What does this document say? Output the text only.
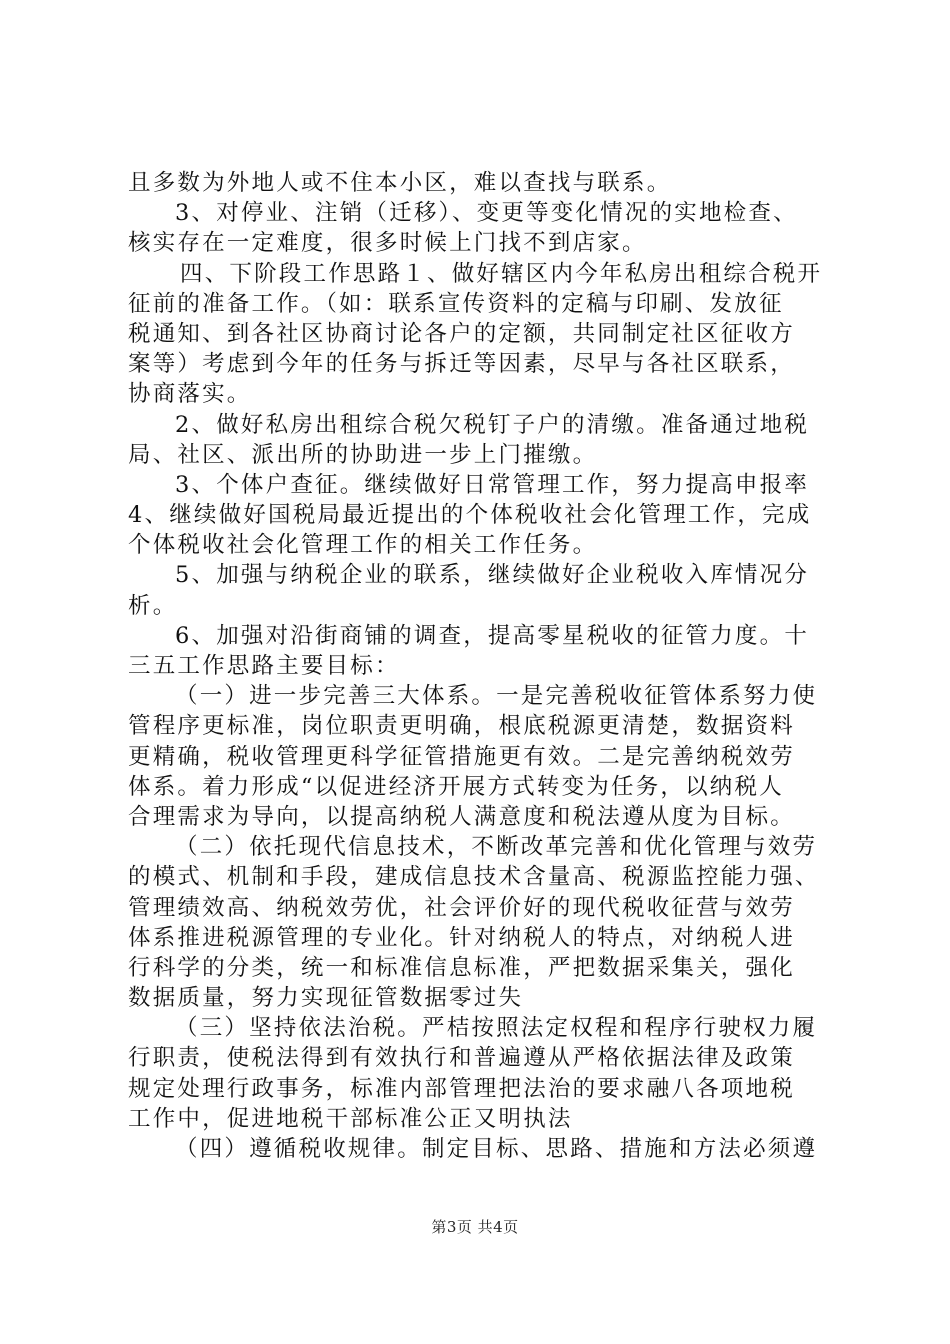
且多数为外地人或不住本小区，难以查找与联系。
3、对停业、注销（迁移）、变更等变化情况的实地检查、
核实存在一定难度，很多时候上门找不到店家。
四、下阶段工作思路１、做好辖区内今年私房出租综合税开
征前的准备工作。（如：联系宣传资料的定稿与印刷、发放征
税通知、到各社区协商讨论各户的定额，共同制定社区征收方
案等）考虑到今年的任务与拆迁等因素，尽早与各社区联系，
协商落实。
2、做好私房出租综合税欠税钉子户的清缴。准备通过地税
局、社区、派出所的协助进一步上门摧缴。
3、个体户查征。继续做好日常管理工作，努力提高申报率
4、继续做好国税局最近提出的个体税收社会化管理工作，完成
个体税收社会化管理工作的相关工作任务。
5、加强与纳税企业的联系，继续做好企业税收入库情况分
析。
6、加强对沿街商铺的调查，提高零星税收的征管力度。十
三五工作思路主要目标：
（一）进一步完善三大体系。一是完善税收征管体系努力使
管程序更标准，岗位职责更明确，根底税源更清楚，数据资料
更精确，税收管理更科学征管措施更有效。二是完善纳税效劳
体系。着力形成“以促进经济开展方式转变为任务，以纳税人
合理需求为导向，以提高纳税人满意度和税法遵从度为目标。
（二）依托现代信息技术，不断改革完善和优化管理与效劳
的模式、机制和手段，建成信息技术含量高、税源监控能力强、
管理绩效高、纳税效劳优，社会评价好的现代税收征营与效劳
体系推进税源管理的专业化。针对纳税人的特点，对纳税人进
行科学的分类，统一和标准信息标准，严把数据采集关，强化
数据质量，努力实现征管数据零过失
（三）坚持依法治税。严桔按照法定权程和程序行驶权力履
行职责，使税法得到有效执行和普遍遵从严格依据法律及政策
规定处理行政事务，标准内部管理把法治的要求融八各项地税
工作中，促进地税干部标准公正又明执法
（四）遵循税收规律。制定目标、思路、措施和方法必须遵
第3页 共4页
